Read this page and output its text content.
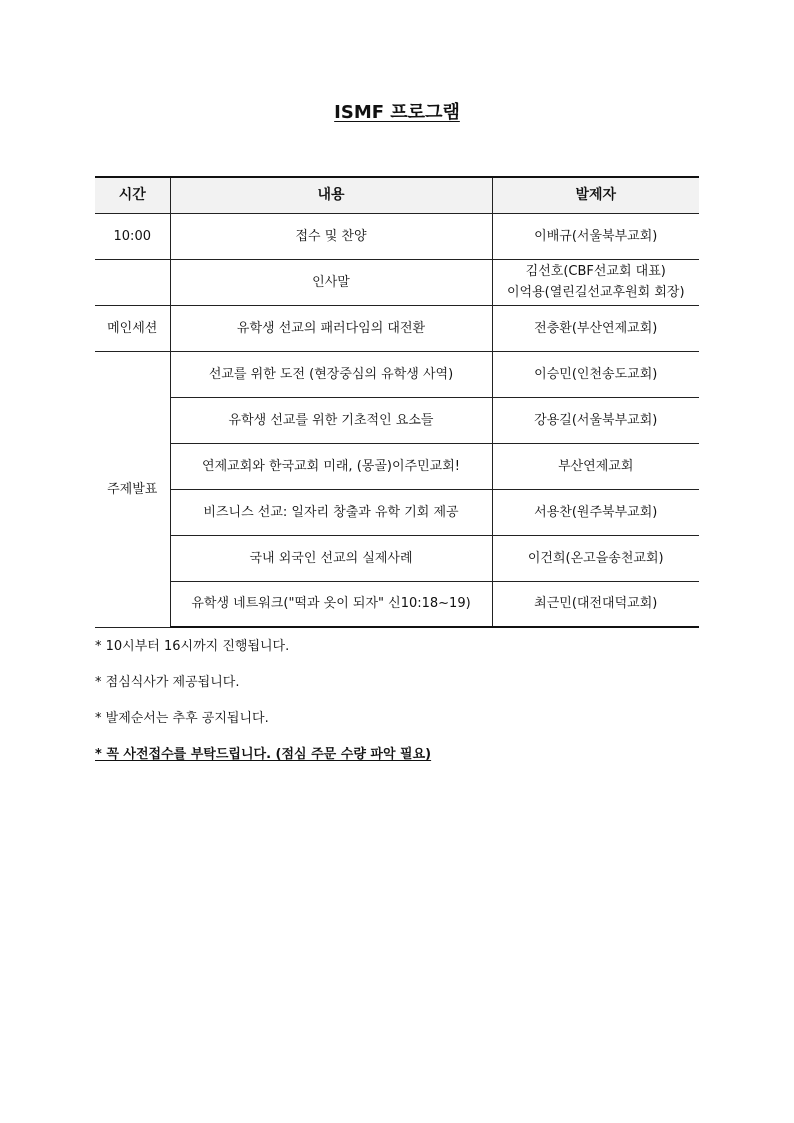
ISMF 프로그램
시간	내용	발제자
10:00	접수 및 찬양	이배규(서울북부교회)
	인사말	김선호(CBF선교회 대표)
이억용(열린길선교후원회 회장)

메인세션	유학생 선교의 패러다임의 대전환	전충환(부산연제교회)
주제발표	선교를 위한 도전 (현장중심의 유학생 사역)	이승민(인천송도교회)
	유학생 선교를 위한 기초적인 요소들	강용길(서울북부교회)
	연제교회와 한국교회 미래, (몽골)이주민교회!	부산연제교회
	비즈니스 선교: 일자리 창출과 유학 기회 제공	서용찬(원주북부교회)
	국내 외국인 선교의 실제사례	이건희(온고을송천교회)
	유학생 네트워크("떡과 옷이 되자" 신10:18~19)	최근민(대전대덕교회)
* 10시부터 16시까지 진행됩니다.
* 점심식사가 제공됩니다.
* 발제순서는 추후 공지됩니다.
* 꼭 사전접수를 부탁드립니다. (점심 주문 수량 파악 필요)
